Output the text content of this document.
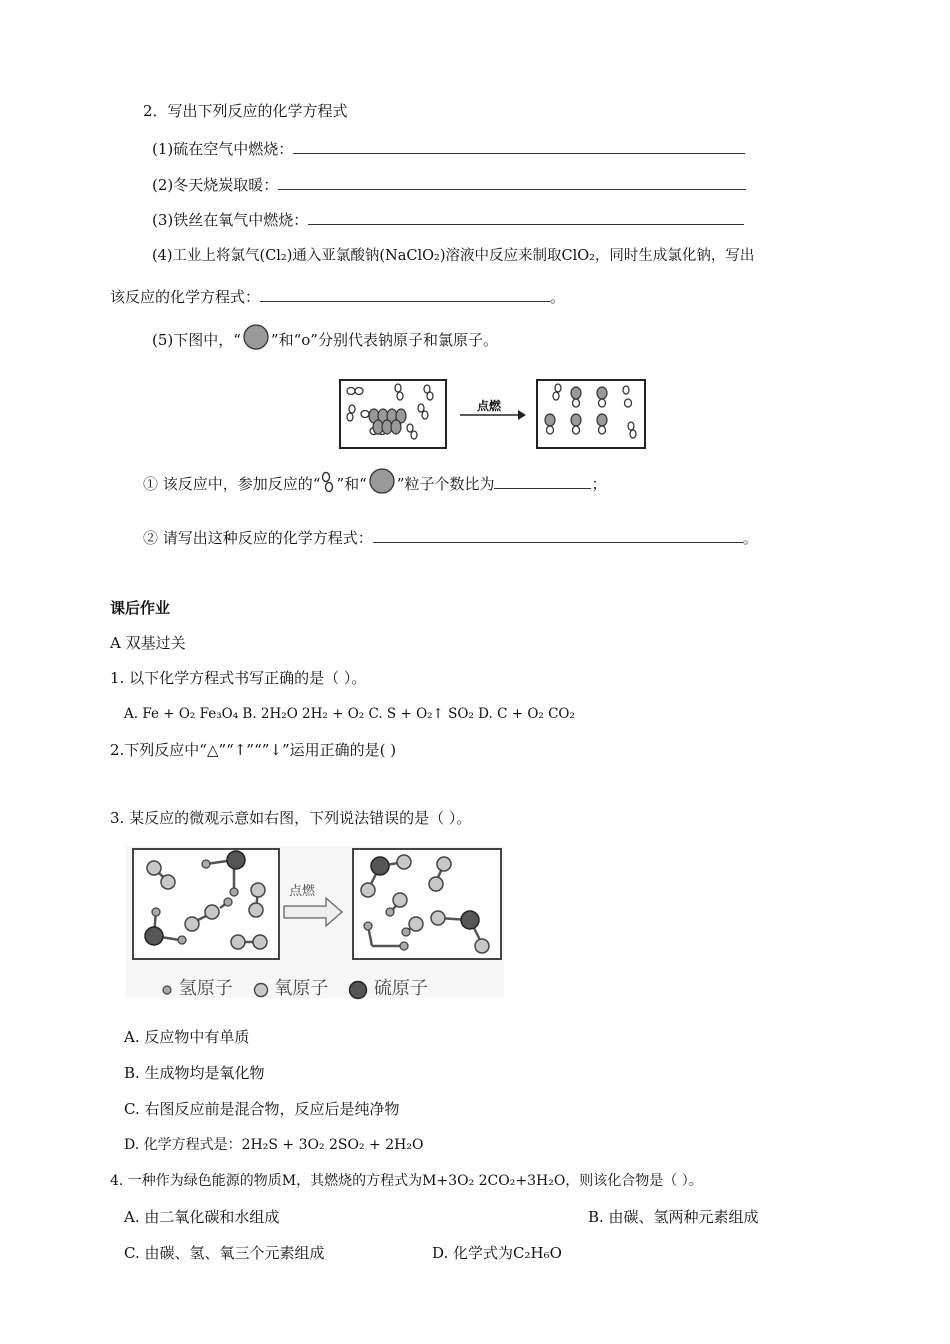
2．写出下列反应的化学方程式
(1)硫在空气中燃烧：
(2)冬天烧炭取暖：
(3)铁丝在氧气中燃烧：
(4)工业上将氯气(Cl₂)通入亚氯酸钠(NaClO₂)溶液中反应来制取ClO₂，同时生成氯化钠，写出
该反应的化学方程式：	。
(5)下图中，“ ”和“ο”分别代表钠原子和氯原子。
点燃
① 该反应中，参加反应的“ ”和“ ”粒子个数比为	；
② 请写出这种反应的化学方程式：	。
课后作业
A 双基过关
1. 以下化学方程式书写正确的是（ ）。
A. Fe + O₂ Fe₃O₄ B. 2H₂O 2H₂ + O₂ C. S + O₂↑ SO₂ D. C + O₂ CO₂
2.下列反应中“△”“↑”“”↓”运用正确的是( )
3. 某反应的微观示意如右图，下列说法错误的是（ ）。
点燃
氢原子 氧原子	硫原子
A. 反应物中有单质
B. 生成物均是氧化物
C. 右图反应前是混合物，反应后是纯净物
D. 化学方程式是：2H₂S + 3O₂ 2SO₂ + 2H₂O
4. 一种作为绿色能源的物质M，其燃烧的方程式为M+3O₂ 2CO₂+3H₂O，则该化合物是（ ）。
A. 由二氧化碳和水组成	B. 由碳、氢两种元素组成
C. 由碳、氢、氧三个元素组成	D. 化学式为C₂H₆O
